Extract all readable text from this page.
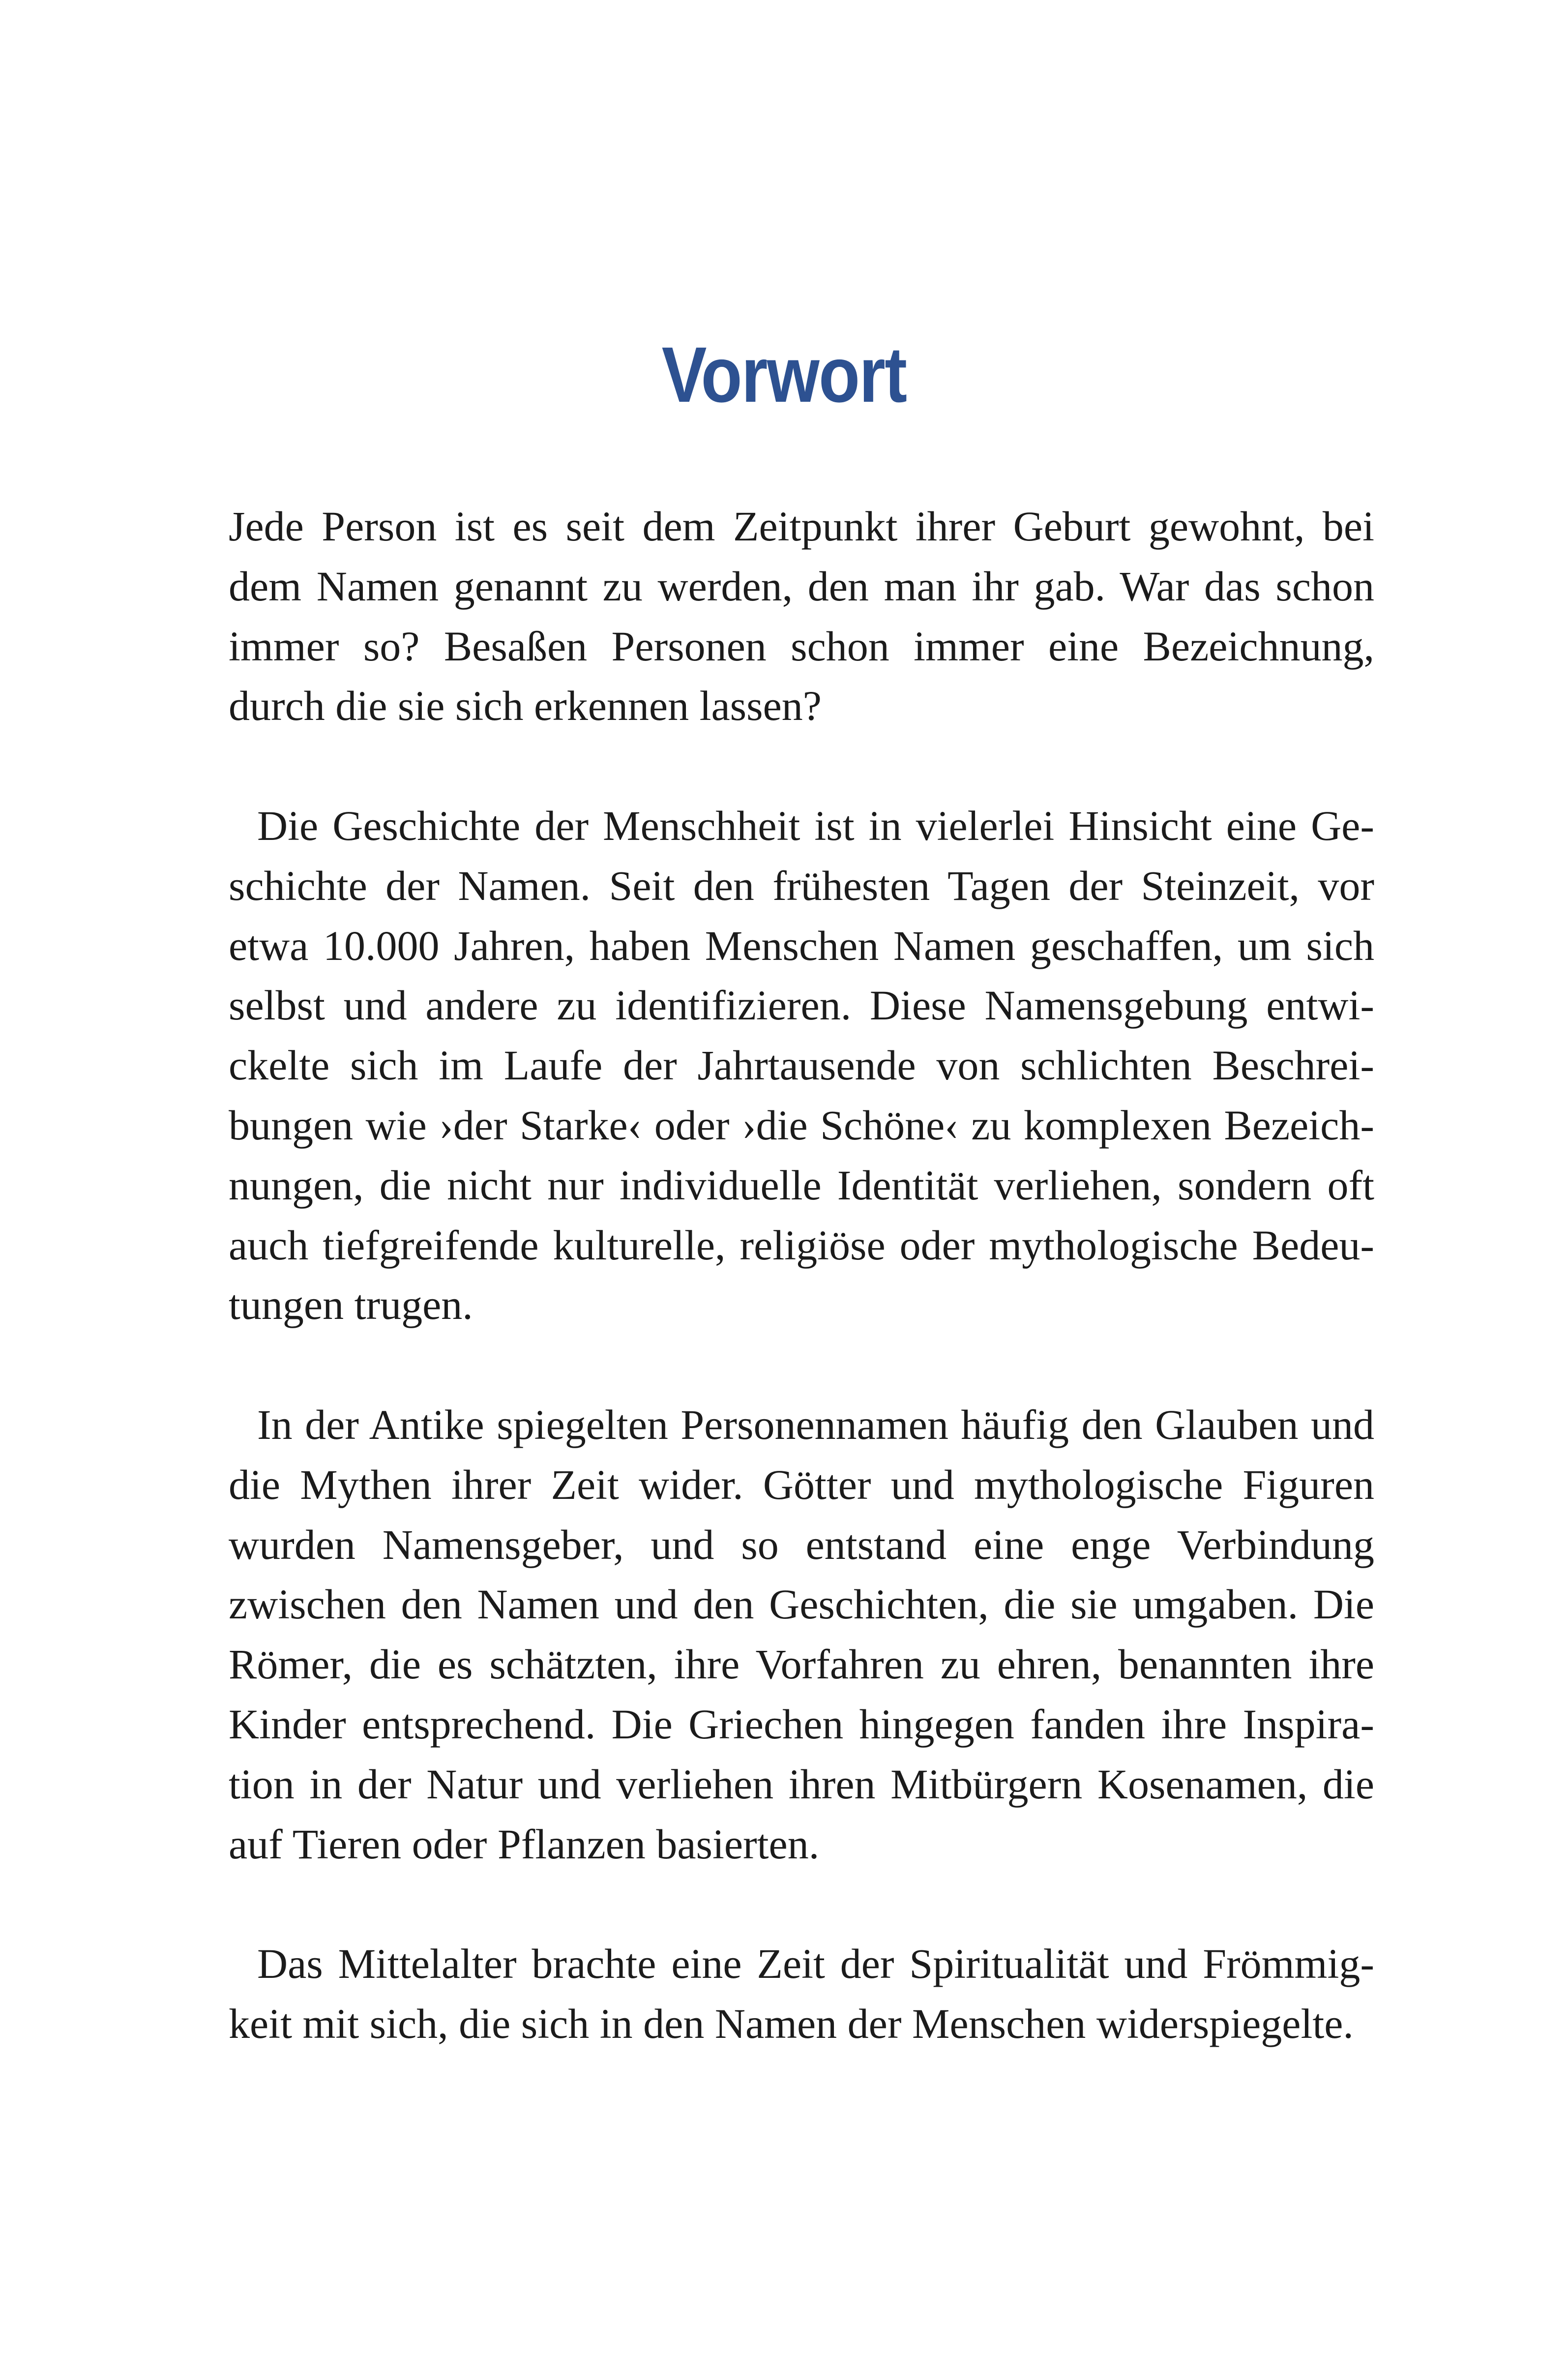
Vorwort

Jede Person ist es seit dem Zeitpunkt ihrer Geburt gewohnt, bei dem Namen genannt zu werden, den man ihr gab. War das schon immer so? Besaßen Personen schon immer eine Bezeichnung, durch die sie sich erkennen lassen?

Die Geschichte der Menschheit ist in vielerlei Hinsicht eine Geschichte der Namen. Seit den frühesten Tagen der Steinzeit, vor etwa 10.000 Jahren, haben Menschen Namen geschaffen, um sich selbst und andere zu identifizieren. Diese Namensgebung entwickelte sich im Laufe der Jahrtausende von schlichten Beschreibungen wie ›der Starke‹ oder ›die Schöne‹ zu komplexen Bezeichnungen, die nicht nur individuelle Identität verliehen, sondern oft auch tiefgreifende kulturelle, religiöse oder mythologische Bedeutungen trugen.

In der Antike spiegelten Personennamen häufig den Glauben und die Mythen ihrer Zeit wider. Götter und mythologische Figuren wurden Namensgeber, und so entstand eine enge Verbindung zwischen den Namen und den Geschichten, die sie umgaben. Die Römer, die es schätzten, ihre Vorfahren zu ehren, benannten ihre Kinder entsprechend. Die Griechen hingegen fanden ihre Inspiration in der Natur und verliehen ihren Mitbürgern Kosenamen, die auf Tieren oder Pflanzen basierten.

Das Mittelalter brachte eine Zeit der Spiritualität und Frömmigkeit mit sich, die sich in den Namen der Menschen widerspiegelte.
